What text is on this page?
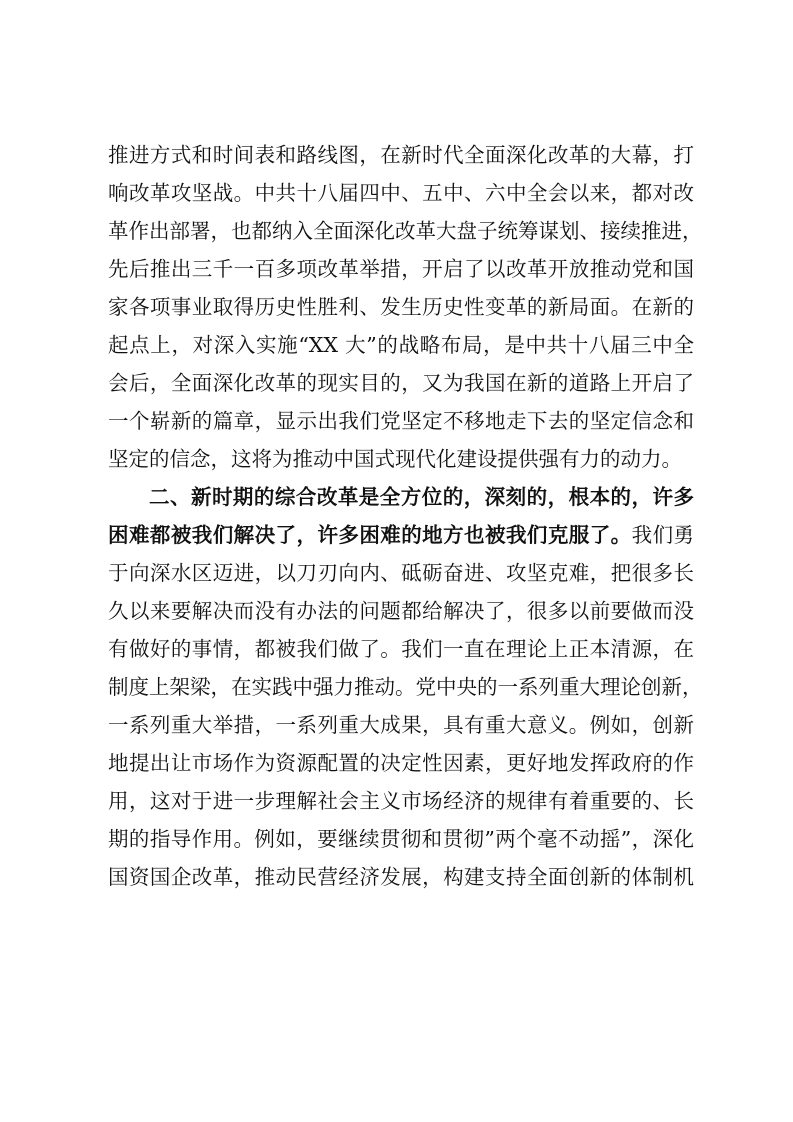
推进方式和时间表和路线图，在新时代全面深化改革的大幕，打
响改革攻坚战。中共十八届四中、五中、六中全会以来，都对改
革作出部署，也都纳入全面深化改革大盘子统筹谋划、接续推进，
先后推出三千一百多项改革举措，开启了以改革开放推动党和国
家各项事业取得历史性胜利、发生历史性变革的新局面。在新的
起点上，对深入实施“XX 大”的战略布局，是中共十八届三中全
会后，全面深化改革的现实目的，又为我国在新的道路上开启了
一个崭新的篇章，显示出我们党坚定不移地走下去的坚定信念和
坚定的信念，这将为推动中国式现代化建设提供强有力的动力。
二、新时期的综合改革是全方位的，深刻的，根本的，许多
困难都被我们解决了，许多困难的地方也被我们克服了。我们勇
于向深水区迈进，以刀刃向内、砥砺奋进、攻坚克难，把很多长
久以来要解决而没有办法的问题都给解决了，很多以前要做而没
有做好的事情，都被我们做了。我们一直在理论上正本清源，在
制度上架梁，在实践中强力推动。党中央的一系列重大理论创新，
一系列重大举措，一系列重大成果，具有重大意义。例如，创新
地提出让市场作为资源配置的决定性因素，更好地发挥政府的作
用，这对于进一步理解社会主义市场经济的规律有着重要的、长
期的指导作用。例如，要继续贯彻和贯彻”两个毫不动摇”，深化
国资国企改革，推动民营经济发展，构建支持全面创新的体制机
